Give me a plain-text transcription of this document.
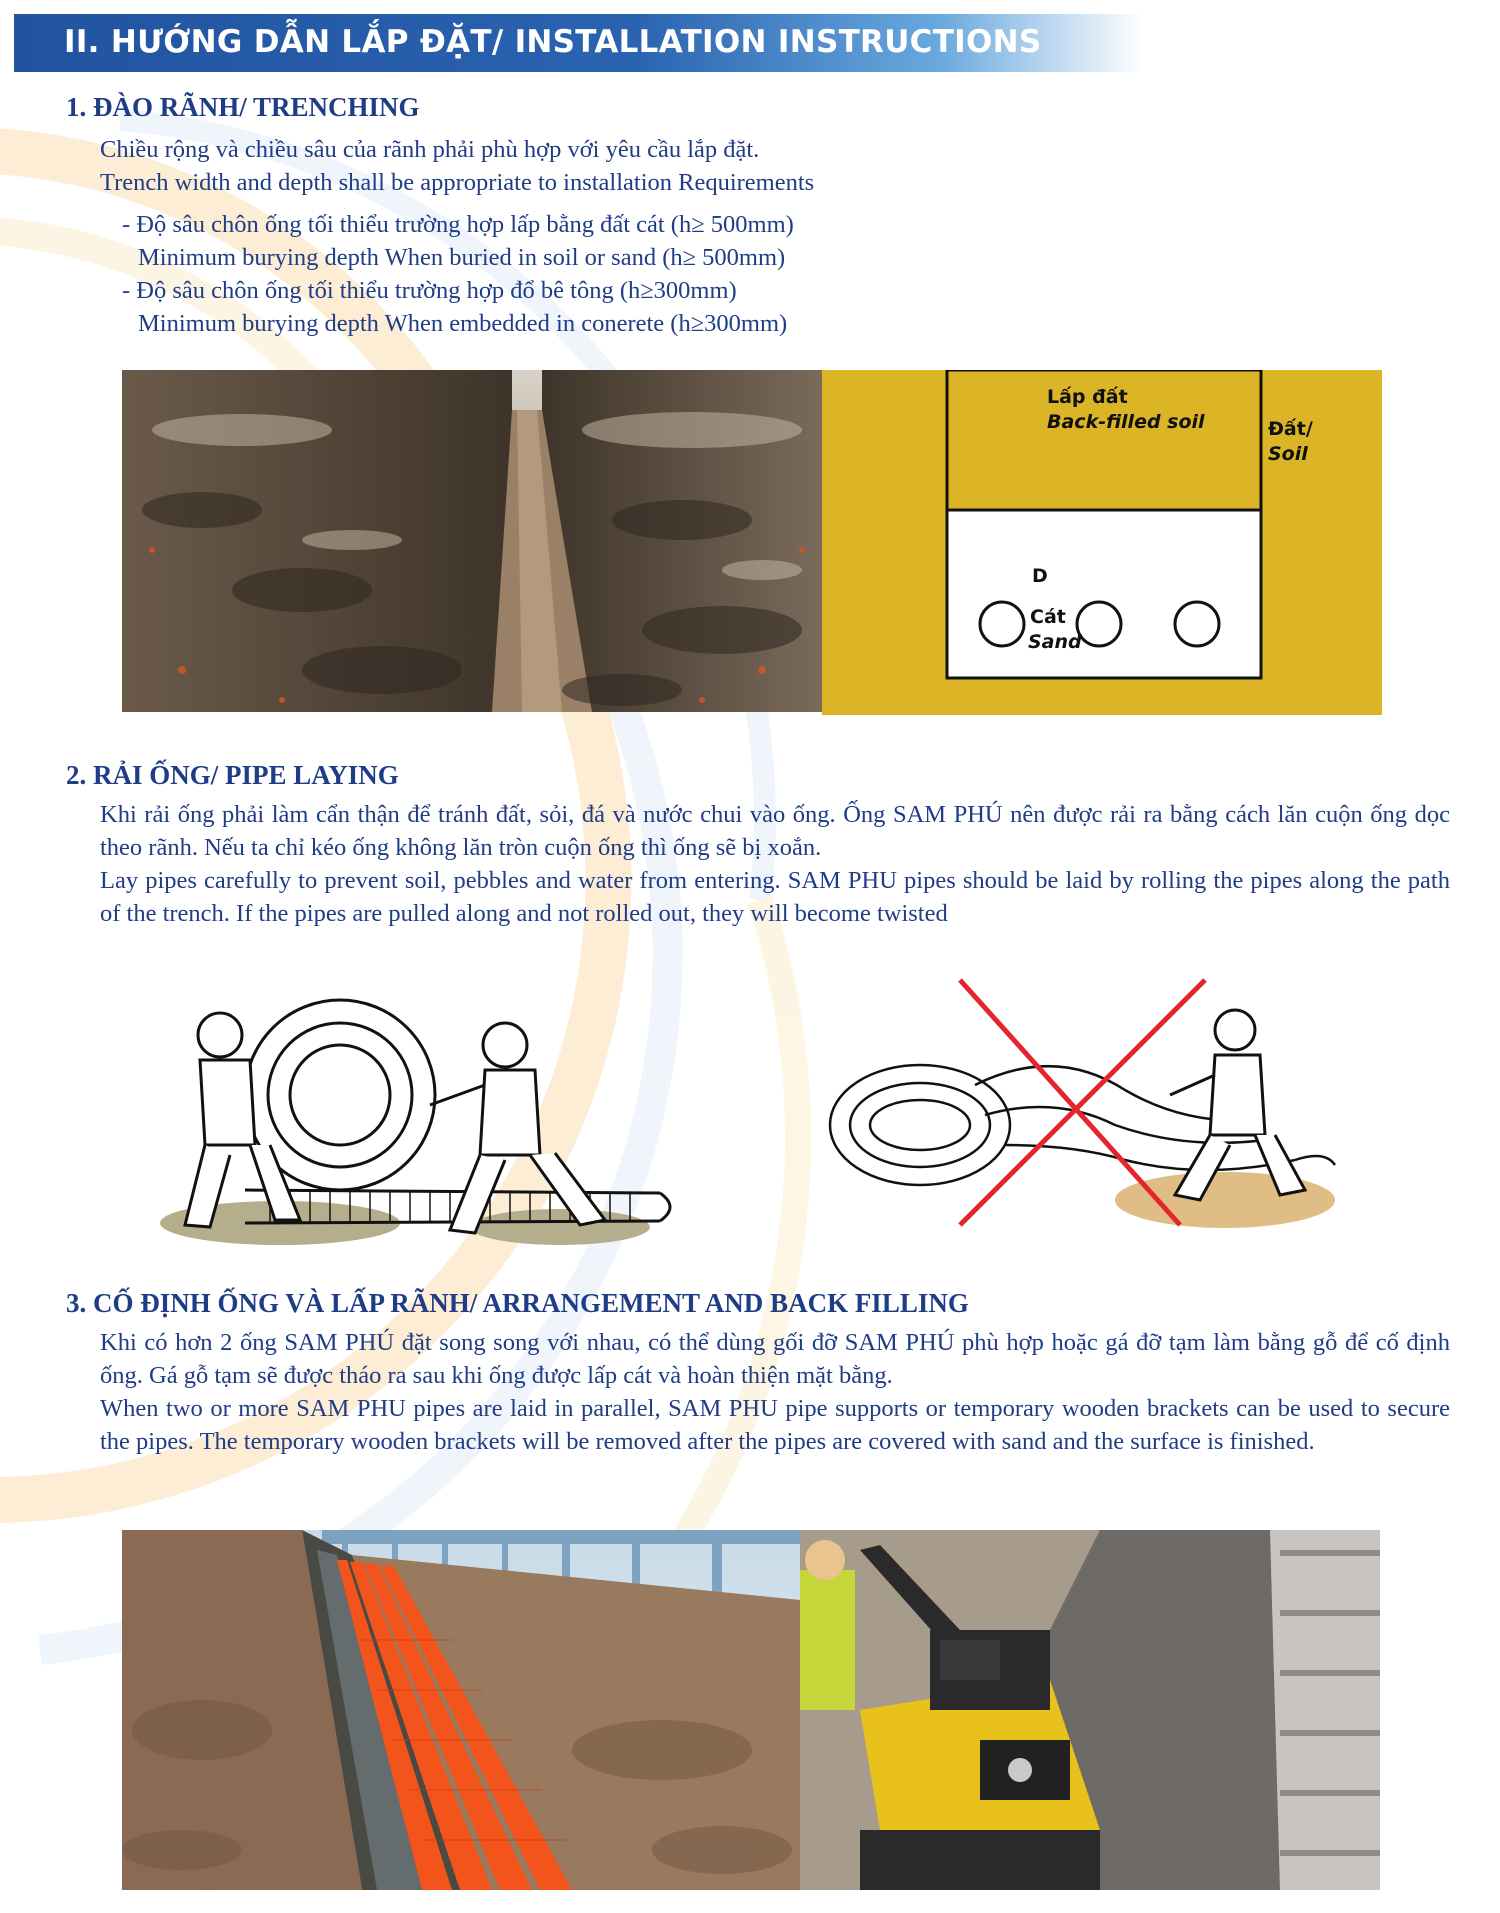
II. HƯỚNG DẪN LẮP ĐẶT/ INSTALLATION INSTRUCTIONS
1. ĐÀO RÃNH/ TRENCHING
Chiều rộng và chiều sâu của rãnh phải phù hợp với yêu cầu lắp đặt.
Trench width and depth shall be appropriate to installation Requirements
- Độ sâu chôn ống tối thiểu trường hợp lấp bằng đất cát (h≥ 500mm)
Minimum burying depth When buried in soil or sand (h≥ 500mm)
- Độ sâu chôn ống tối thiểu trường hợp đổ bê tông (h≥300mm)
Minimum burying depth When embedded in conerete (h≥300mm)
Lấp đất
Back-filled soil	Đất/
Soil
D
Cát
Sand
2. RẢI ỐNG/ PIPE LAYING

Khi rải ống phải làm cẩn thận để tránh đất, sỏi, đá và nước chui vào ống. Ống SAM PHÚ nên được rải ra bằng cách lăn cuộn ống dọc theo rãnh. Nếu ta chỉ kéo ống không lăn tròn cuộn ống thì ống sẽ bị xoắn.

Lay pipes carefully to prevent soil, pebbles and water from entering. SAM PHU pipes should be laid by rolling the pipes along the path of the trench. If the pipes are pulled along and not rolled out, they will become twisted

3. CỐ ĐỊNH ỐNG VÀ LẤP RÃNH/ ARRANGEMENT AND BACK FILLING

Khi có hơn 2 ống SAM PHÚ đặt song song với nhau, có thể dùng gối đỡ SAM PHÚ phù hợp hoặc gá đỡ tạm làm bằng gỗ để cố định ống. Gá gỗ tạm sẽ được tháo ra sau khi ống được lấp cát và hoàn thiện mặt bằng.

When two or more SAM PHU pipes are laid in parallel, SAM PHU pipe supports or temporary wooden brackets can be used to secure the pipes. The temporary wooden brackets will be removed after the pipes are covered with sand and the surface is finished.
